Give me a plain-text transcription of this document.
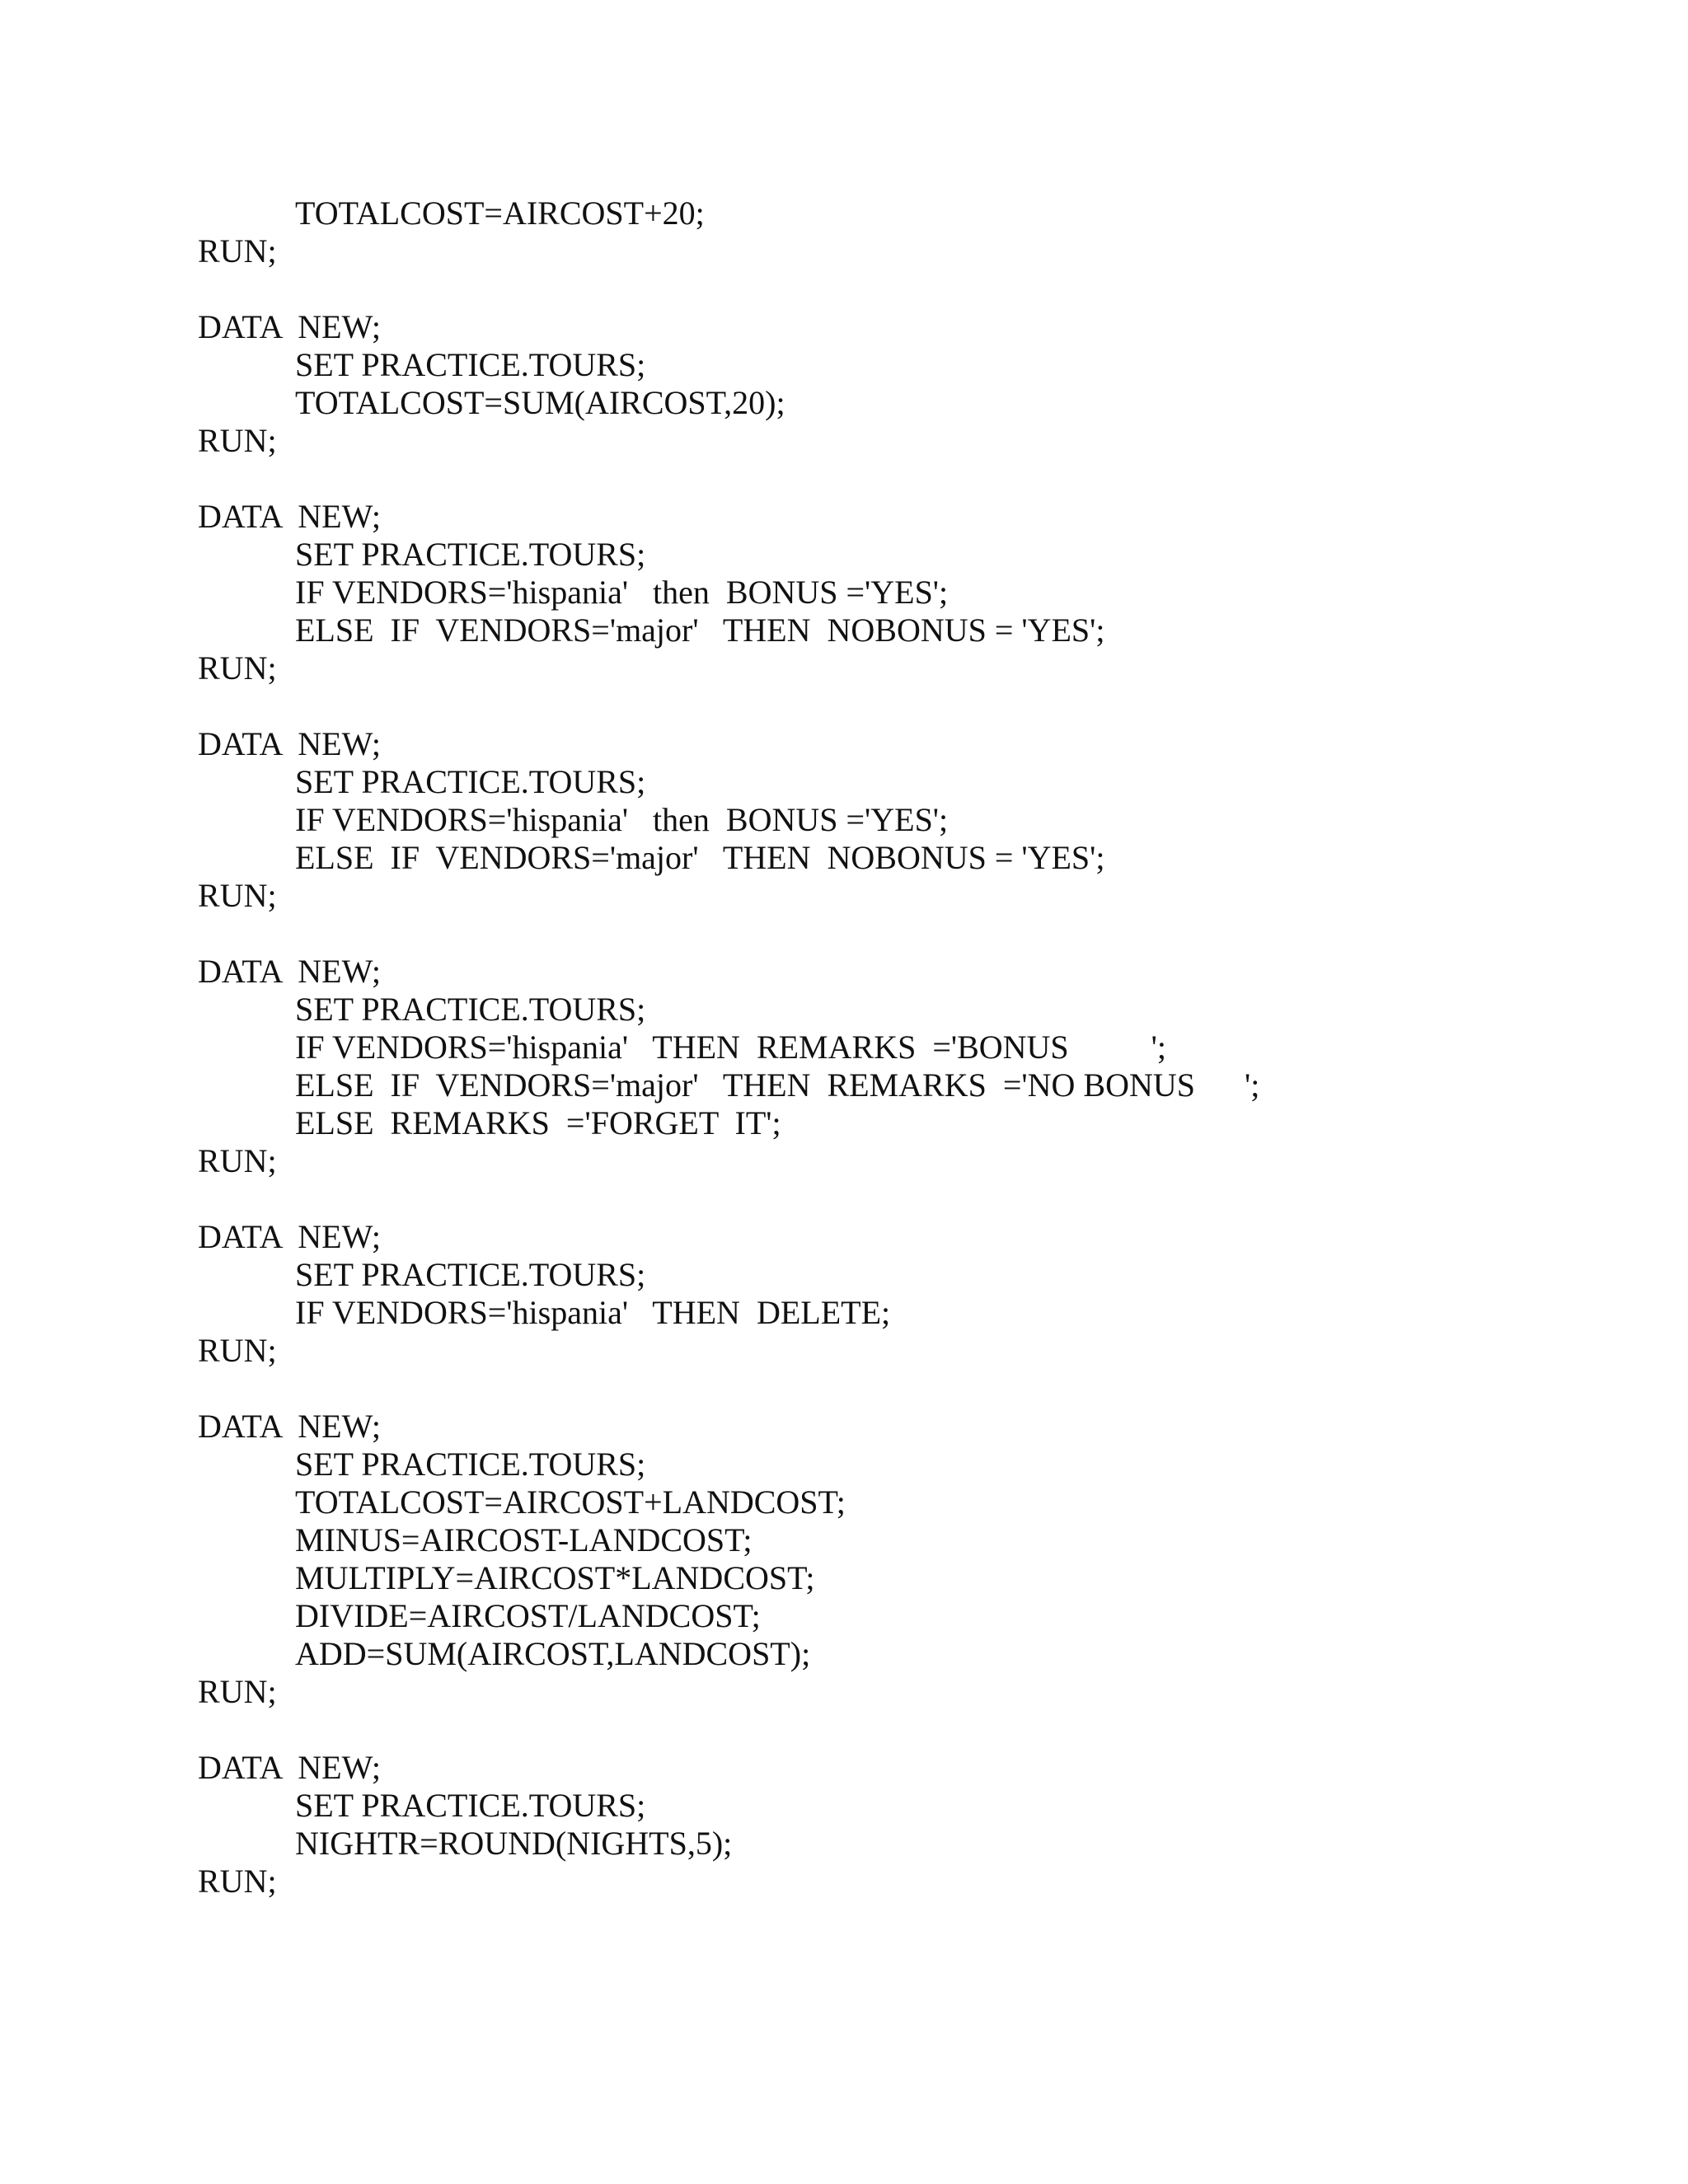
TOTALCOST=AIRCOST+20;
RUN;
DATA  NEW;
SET PRACTICE.TOURS;
TOTALCOST=SUM(AIRCOST,20);
RUN;
DATA  NEW;
SET PRACTICE.TOURS;
IF VENDORS='hispania'   then  BONUS ='YES';
ELSE  IF  VENDORS='major'   THEN  NOBONUS = 'YES';
RUN;
DATA  NEW;
SET PRACTICE.TOURS;
IF VENDORS='hispania'   then  BONUS ='YES';
ELSE  IF  VENDORS='major'   THEN  NOBONUS = 'YES';
RUN;
DATA  NEW;
SET PRACTICE.TOURS;
IF VENDORS='hispania'   THEN  REMARKS  ='BONUS          ';
ELSE  IF  VENDORS='major'   THEN  REMARKS  ='NO BONUS      ';
ELSE  REMARKS  ='FORGET  IT';
RUN;
DATA  NEW;
SET PRACTICE.TOURS;
IF VENDORS='hispania'   THEN  DELETE;
RUN;
DATA  NEW;
SET PRACTICE.TOURS;
TOTALCOST=AIRCOST+LANDCOST;
MINUS=AIRCOST-LANDCOST;
MULTIPLY=AIRCOST*LANDCOST;
DIVIDE=AIRCOST/LANDCOST;
ADD=SUM(AIRCOST,LANDCOST);
RUN;
DATA  NEW;
SET PRACTICE.TOURS;
NIGHTR=ROUND(NIGHTS,5);
RUN;
